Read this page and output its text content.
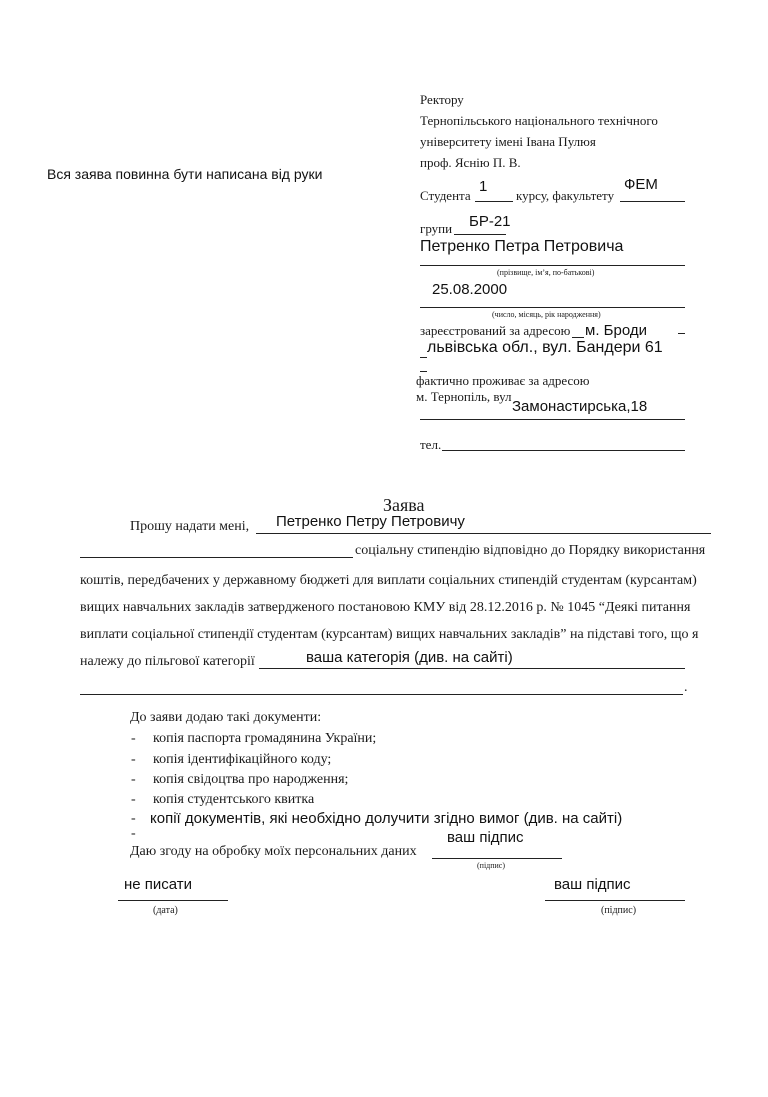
Вся заява повинна бути написана від руки
Ректору
Тернопільського національного технічного
університету імені Івана Пулюя
проф. Яснію П. В.
Студента
1
курсу, факультету
ФЕМ
групи БР-21
Петренко Петра Петровича
(прізвище, ім’я, по-батькові)
25.08.2000
(число, місяць, рік народження)
зареєстрований за адресою м. Броди
львівська обл., вул. Бандери 61
фактично проживає за адресою
м. Тернопіль, вул
Замонастирська,18
тел.
Заява
Прошу надати мені, Петренко Петру Петровичу
соціальну стипендію відповідно до Порядку використання
коштів, передбачених у державному бюджеті для виплати соціальних стипендій студентам (курсантам)
вищих навчальних закладів затвердженого постановою КМУ від 28.12.2016 р. № 1045 “Деякі питання
виплати соціальної стипендії студентам (курсантам) вищих навчальних закладів” на підставі того, що я
належу до пільгової категорії	ваша категорія (див. на сайті)
.
До заяви додаю такі документи:
- копія паспорта громадянина України;
- копія ідентифікаційного коду;
- копія свідоцтва про народження;
- копія студентського квитка
- копії документів, які необхідно долучити згідно вимог (див. на сайті)
-
Даю згоду на обробку моїх персональних даних
ваш підпис
(підпис)
не писати
(дата)
ваш підпис
(підпис)
